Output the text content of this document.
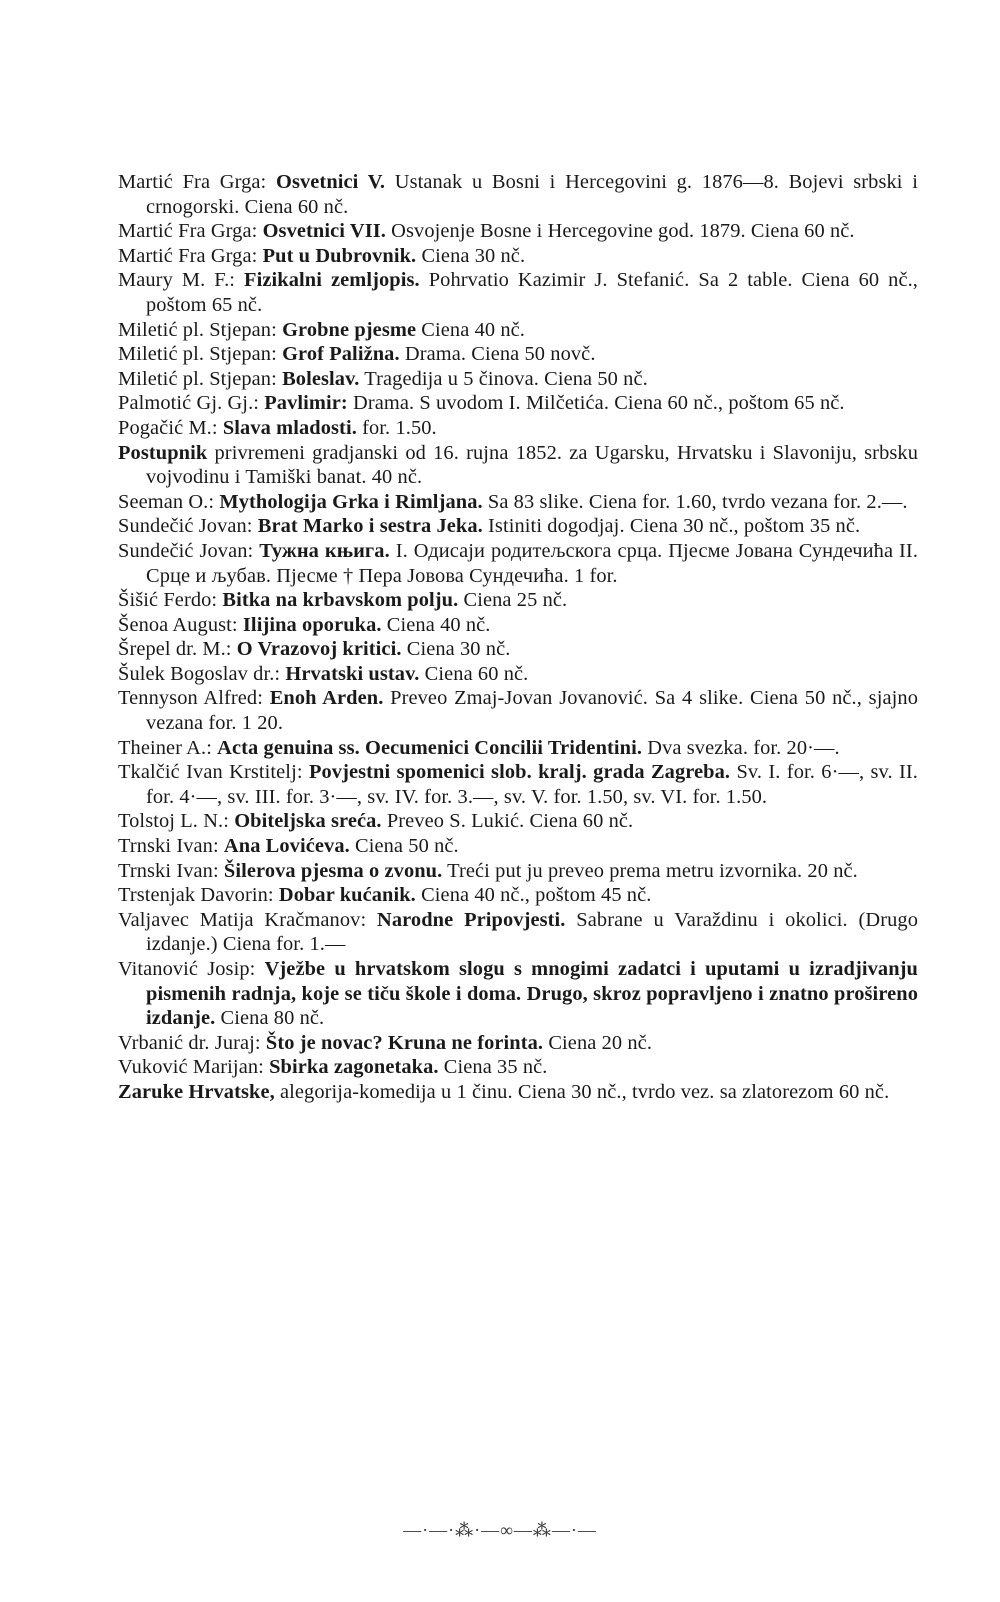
Martić Fra Grga: Osvetnici V. Ustanak u Bosni i Hercegovini g. 1876—8. Bojevi srbski i crnogorski. Ciena 60 nč.

Martić Fra Grga: Osvetnici VII. Osvojenje Bosne i Hercegovine god. 1879. Ciena 60 nč.

Martić Fra Grga: Put u Dubrovnik. Ciena 30 nč.

Maury M. F.: Fizikalni zemljopis. Pohrvatio Kazimir J. Stefanić. Sa 2 table. Ciena 60 nč., poštom 65 nč.

Miletić pl. Stjepan: Grobne pjesme Ciena 40 nč.

Miletić pl. Stjepan: Grof Paližna. Drama. Ciena 50 novč.

Miletić pl. Stjepan: Boleslav. Tragedija u 5 činova. Ciena 50 nč.

Palmotić Gj. Gj.: Pavlimir: Drama. S uvodom I. Milčetića. Ciena 60 nč., poštom 65 nč.

Pogačić M.: Slava mladosti. for. 1.50.

Postupnik privremeni gradjanski od 16. rujna 1852. za Ugarsku, Hrvatsku i Slavoniju, srbsku vojvodinu i Tamiški banat. 40 nč.

Seeman O.: Mythologija Grka i Rimljana. Sa 83 slike. Ciena for. 1.60, tvrdo vezana for. 2.—.

Sundečić Jovan: Brat Marko i sestra Jeka. Istiniti dogodjaj. Ciena 30 nč., poštom 35 nč.

Sundečić Jovan: Тужна књига. I. Одисаји родитељскога срца. Пјесме Јована Сундечића II. Срце и љубав. Пјесме † Пера Јовова Сундечића. 1 for.

Šišić Ferdo: Bitka na krbavskom polju. Ciena 25 nč.

Šenoa August: Ilijina oporuka. Ciena 40 nč.

Šrepel dr. M.: O Vrazovoj kritici. Ciena 30 nč.

Šulek Bogoslav dr.: Hrvatski ustav. Ciena 60 nč.

Tennyson Alfred: Enoh Arden. Preveo Zmaj-Jovan Jovanović. Sa 4 slike. Ciena 50 nč., sjajno vezana for. 1 20.

Theiner A.: Acta genuina ss. Oecumenici Concilii Tridentini. Dva svezka. for. 20·—.

Tkalčić Ivan Krstitelj: Povjestni spomenici slob. kralj. grada Zagreba. Sv. I. for. 6·—, sv. II. for. 4·—, sv. III. for. 3·—, sv. IV. for. 3.—, sv. V. for. 1.50, sv. VI. for. 1.50.

Tolstoj L. N.: Obiteljska sreća. Preveo S. Lukić. Ciena 60 nč.

Trnski Ivan: Ana Lovićeva. Ciena 50 nč.

Trnski Ivan: Šilerova pjesma o zvonu. Treći put ju preveo prema metru izvornika. 20 nč.

Trstenjak Davorin: Dobar kućanik. Ciena 40 nč., poštom 45 nč.

Valjavec Matija Kračmanov: Narodne Pripovjesti. Sabrane u Varaždinu i okolici. (Drugo izdanje.) Ciena for. 1.—

Vitanović Josip: Vježbe u hrvatskom slogu s mnogimi zadatci i uputami u izradjivanju pismenih radnja, koje se tiču škole i doma. Drugo, skroz popravljeno i znatno prošireno izdanje. Ciena 80 nč.

Vrbanić dr. Juraj: Što je novac? Kruna ne forinta. Ciena 20 nč.

Vuković Marijan: Sbirka zagonetaka. Ciena 35 nč.

Zaruke Hrvatske, alegorija-komedija u 1 činu. Ciena 30 nč., tvrdo vez. sa zlatorezom 60 nč.

—·—·⁂·—∞—⁂—·—
